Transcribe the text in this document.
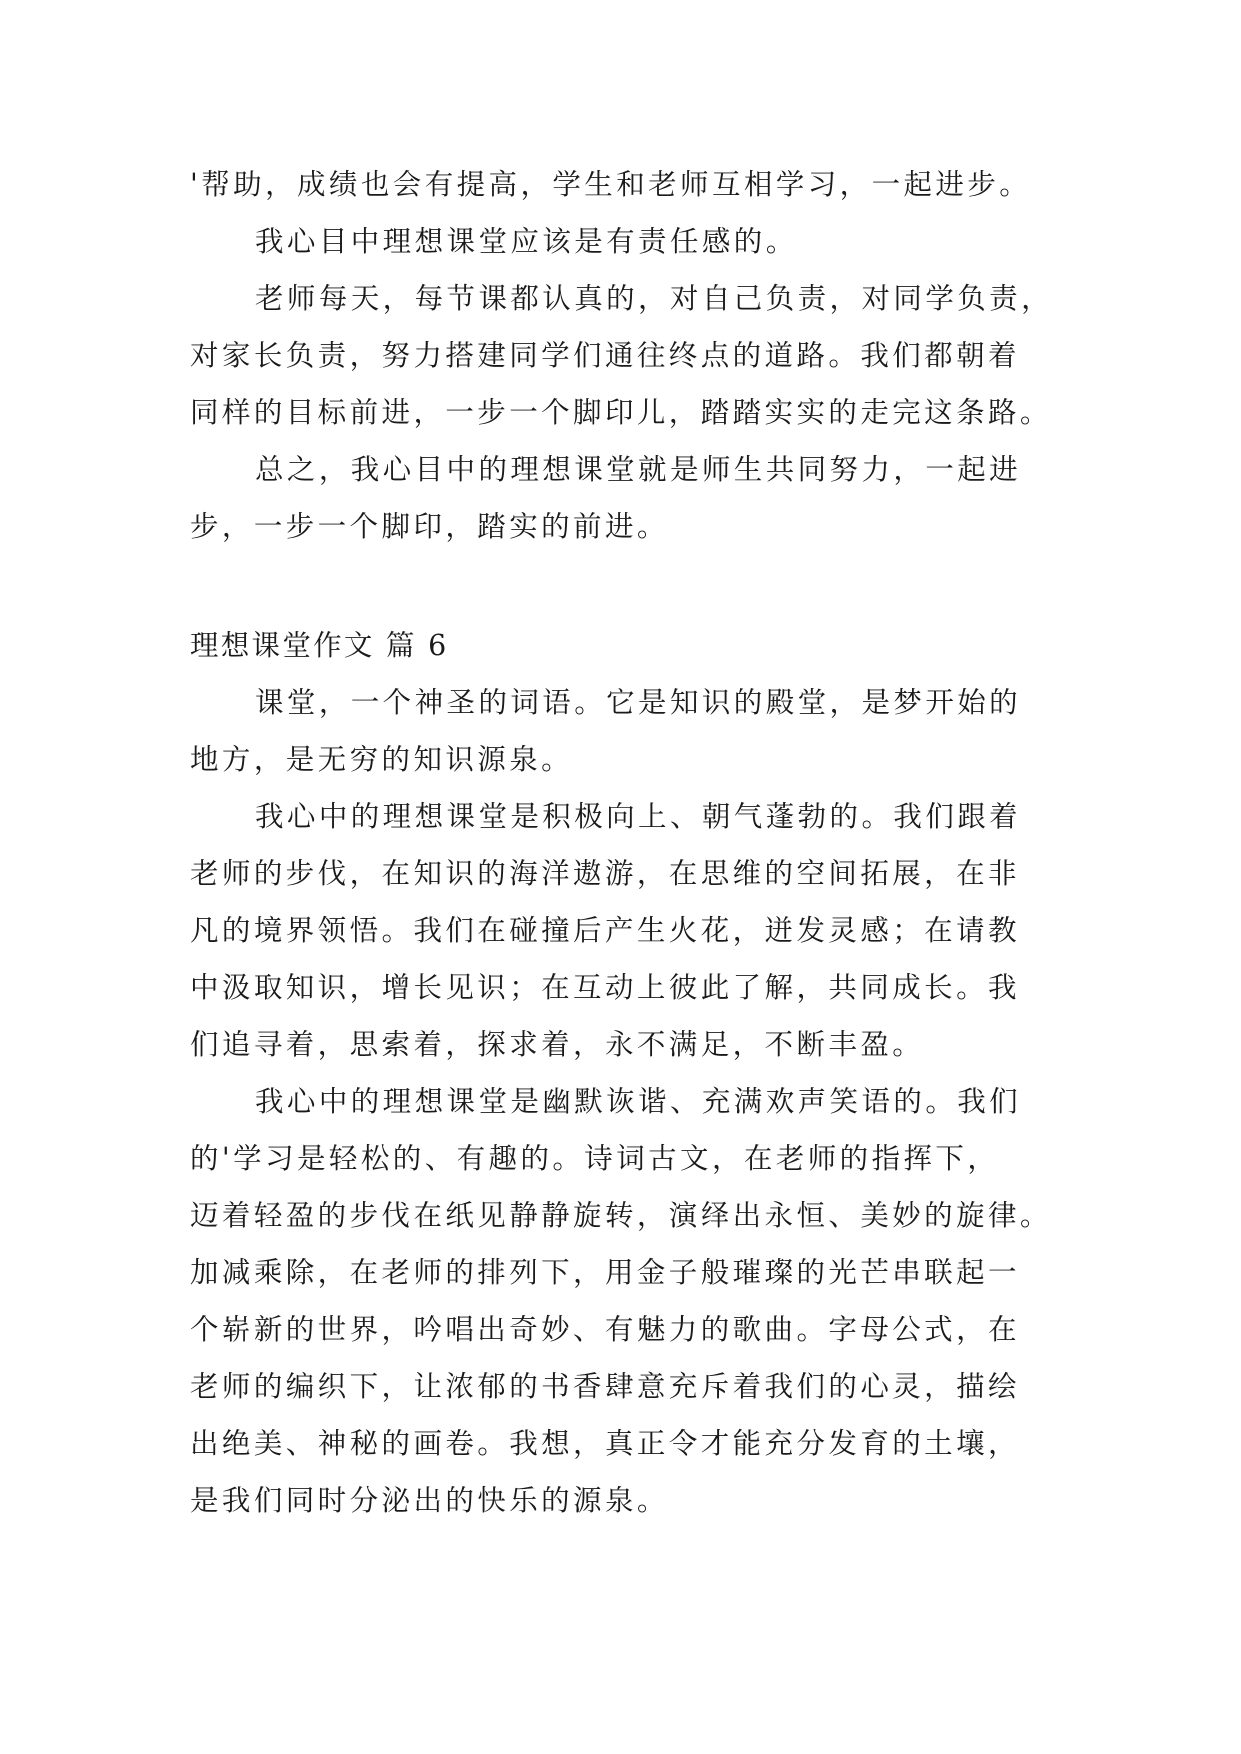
'帮助，成绩也会有提高，学生和老师互相学习，一起进步。

我心目中理想课堂应该是有责任感的。

老师每天，每节课都认真的，对自己负责，对同学负责，

对家长负责，努力搭建同学们通往终点的道路。我们都朝着

同样的目标前进，一步一个脚印儿，踏踏实实的走完这条路。

总之，我心目中的理想课堂就是师生共同努力，一起进

步，一步一个脚印，踏实的前进。

理想课堂作文 篇 6

课堂，一个神圣的词语。它是知识的殿堂，是梦开始的

地方，是无穷的知识源泉。

我心中的理想课堂是积极向上、朝气蓬勃的。我们跟着

老师的步伐，在知识的海洋遨游，在思维的空间拓展，在非

凡的境界领悟。我们在碰撞后产生火花，迸发灵感；在请教

中汲取知识，增长见识；在互动上彼此了解，共同成长。我

们追寻着，思索着，探求着，永不满足，不断丰盈。

我心中的理想课堂是幽默诙谐、充满欢声笑语的。我们

的'学习是轻松的、有趣的。诗词古文，在老师的指挥下，

迈着轻盈的步伐在纸见静静旋转，演绎出永恒、美妙的旋律。

加减乘除，在老师的排列下，用金子般璀璨的光芒串联起一

个崭新的世界，吟唱出奇妙、有魅力的歌曲。字母公式，在

老师的编织下，让浓郁的书香肆意充斥着我们的心灵，描绘

出绝美、神秘的画卷。我想，真正令才能充分发育的土壤，

是我们同时分泌出的快乐的源泉。
